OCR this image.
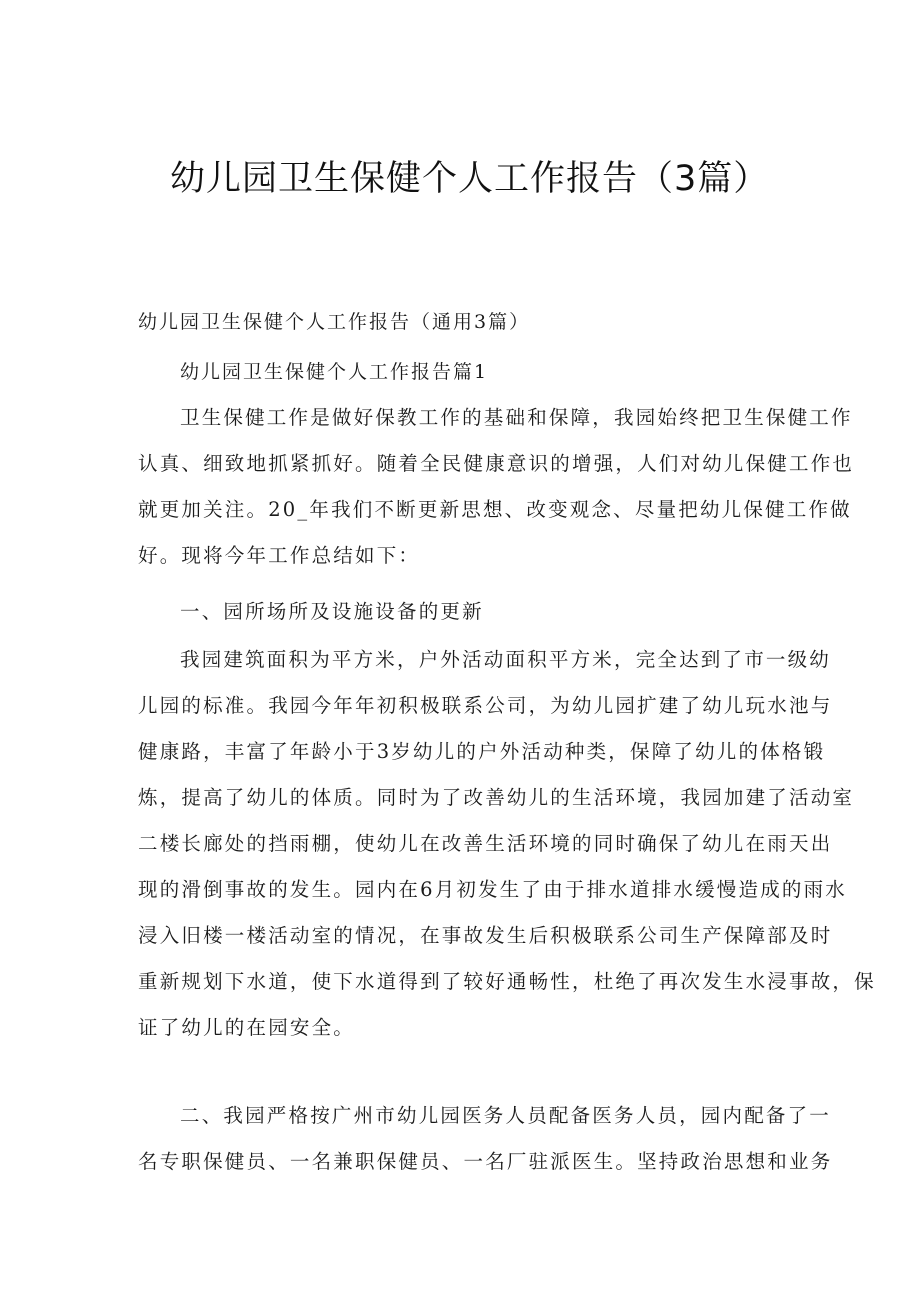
幼儿园卫生保健个人工作报告（3篇）
幼儿园卫生保健个人工作报告（通用3篇）
幼儿园卫生保健个人工作报告篇1
卫生保健工作是做好保教工作的基础和保障，我园始终把卫生保健工作
认真、细致地抓紧抓好。随着全民健康意识的增强，人们对幼儿保健工作也
就更加关注。20_年我们不断更新思想、改变观念、尽量把幼儿保健工作做
好。现将今年工作总结如下：
一、园所场所及设施设备的更新
我园建筑面积为平方米，户外活动面积平方米，完全达到了市一级幼
儿园的标准。我园今年年初积极联系公司，为幼儿园扩建了幼儿玩水池与
健康路，丰富了年龄小于3岁幼儿的户外活动种类，保障了幼儿的体格锻
炼，提高了幼儿的体质。同时为了改善幼儿的生活环境，我园加建了活动室
二楼长廊处的挡雨棚，使幼儿在改善生活环境的同时确保了幼儿在雨天出
现的滑倒事故的发生。园内在6月初发生了由于排水道排水缓慢造成的雨水
浸入旧楼一楼活动室的情况，在事故发生后积极联系公司生产保障部及时
重新规划下水道，使下水道得到了较好通畅性，杜绝了再次发生水浸事故，保
证了幼儿的在园安全。
二、我园严格按广州市幼儿园医务人员配备医务人员，园内配备了一
名专职保健员、一名兼职保健员、一名厂驻派医生。坚持政治思想和业务
